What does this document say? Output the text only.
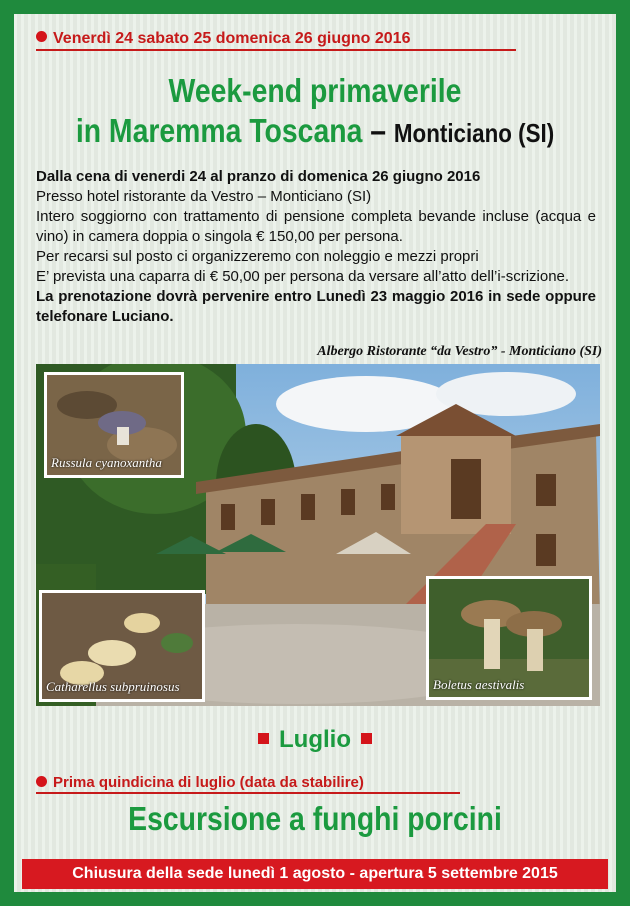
Venerdì 24 sabato 25 domenica 26 giugno 2016
Week-end primaverile
in Maremma Toscana – Monticiano (SI)
Dalla cena di venerdi 24 al pranzo di domenica 26 giugno 2016
Presso hotel ristorante da Vestro – Monticiano (SI)
Intero soggiorno con trattamento di pensione completa bevande incluse (acqua e vino) in camera doppia o singola € 150,00 per persona.
Per recarsi sul posto ci organizzeremo con noleggio e mezzi propri
E’ prevista una caparra di € 50,00 per persona da versare all’atto dell’i-scrizione.
La prenotazione dovrà pervenire entro Lunedì 23 maggio 2016 in sede oppure telefonare Luciano.
Albergo Ristorante “da Vestro” - Monticiano (SI)
Russula cyanoxantha
Catharellus subpruinosus	Boletus aestivalis
Luglio
Prima quindicina di luglio (data da stabilire)
Escursione a funghi porcini
Chiusura della sede lunedì 1 agosto - apertura 5 settembre 2015
